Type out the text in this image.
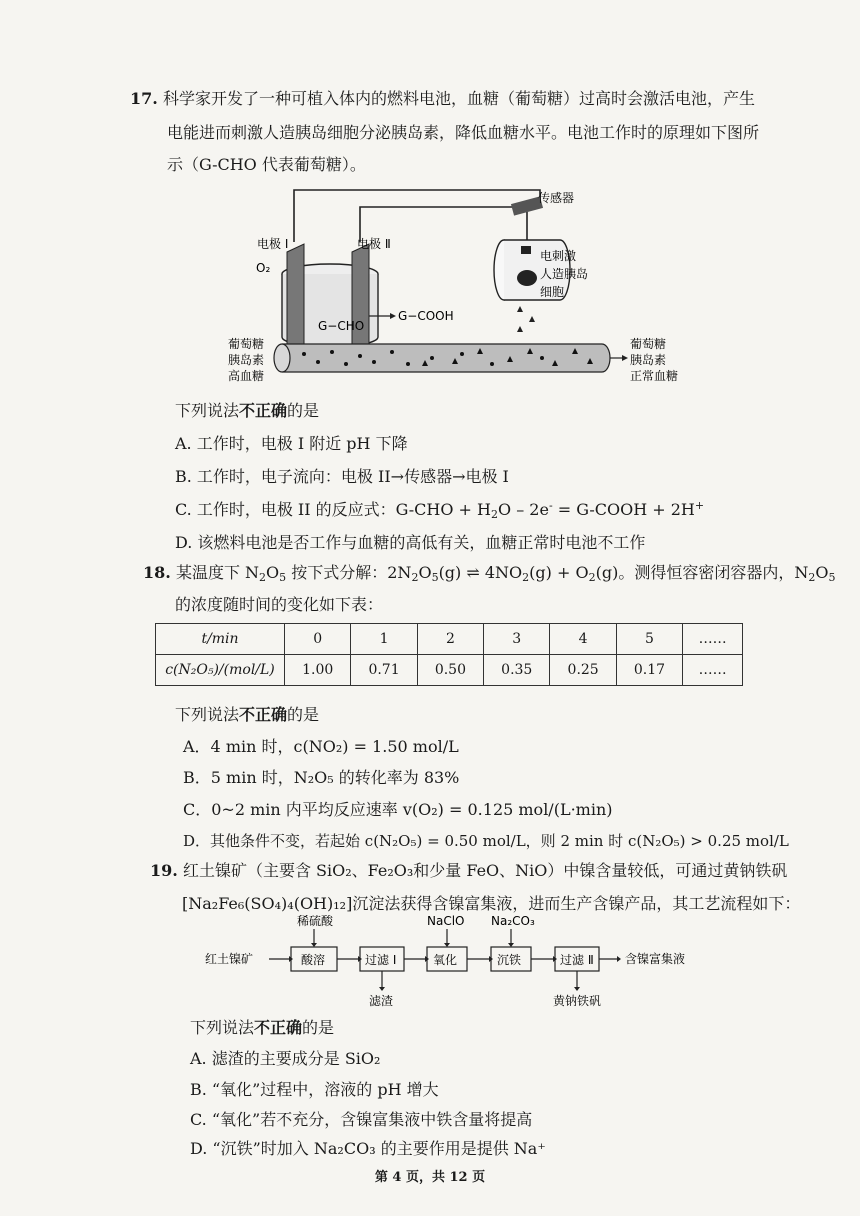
17. 科学家开发了一种可植入体内的燃料电池，血糖（葡萄糖）过高时会激活电池，产生
电能进而刺激人造胰岛细胞分泌胰岛素，降低血糖水平。电池工作时的原理如下图所
示（G-CHO 代表葡萄糖）。
电极 I	电极 Ⅱ
O₂
G−CHO
G−COOH
传感器
电刺激
人造胰岛
细胞
葡萄糖
胰岛素
高血糖
葡萄糖
胰岛素
正常血糖
下列说法不正确的是
A. 工作时，电极 I 附近 pH 下降
B. 工作时，电子流向：电极 II→传感器→电极 I
C. 工作时，电极 II 的反应式：$G-CHO + H_2O - 2e^-$ = G-COOH + 2H+
D. 该燃料电池是否工作与血糖的高低有关，血糖正常时电池不工作
18. 某温度下 $N_2O_5$ 按下式分解：$2N_2O_5(g)$ ⇌ $4NO_2(g) + O_2(g)$。测得恒容密闭容器内，$N_2O_5$
的浓度随时间的变化如下表：
t/min	0	1	2	3	4	5	……
c(N₂O₅)/(mol/L)	1.00	0.71	0.50	0.35	0.25	0.17	……
下列说法不正确的是
A．4 min 时，c(NO₂) = 1.50 mol/L
B．5 min 时，N₂O₅ 的转化率为 83%
C．0~2 min 内平均反应速率 v(O₂) = 0.125 mol/(L·min)
D．其他条件不变，若起始 c(N₂O₅) = 0.50 mol/L，则 2 min 时 c(N₂O₅) > 0.25 mol/L
19. 红土镍矿（主要含 SiO₂、Fe₂O₃和少量 FeO、NiO）中镍含量较低，可通过黄钠铁矾
[Na₂Fe₆(SO₄)₄(OH)₁₂]沉淀法获得含镍富集液，进而生产含镍产品，其工艺流程如下：
红土镍矿	酸溶	过滤 I	氧化	沉铁	过滤 Ⅱ	含镍富集液
稀硫酸	NaClO Na₂CO₃
滤渣	黄钠铁矾
下列说法不正确的是
A. 滤渣的主要成分是 SiO₂
B. “氧化”过程中，溶液的 pH 增大
C. “氧化”若不充分，含镍富集液中铁含量将提高
D. “沉铁”时加入 Na₂CO₃ 的主要作用是提供 Na⁺
第 4 页，共 12 页
